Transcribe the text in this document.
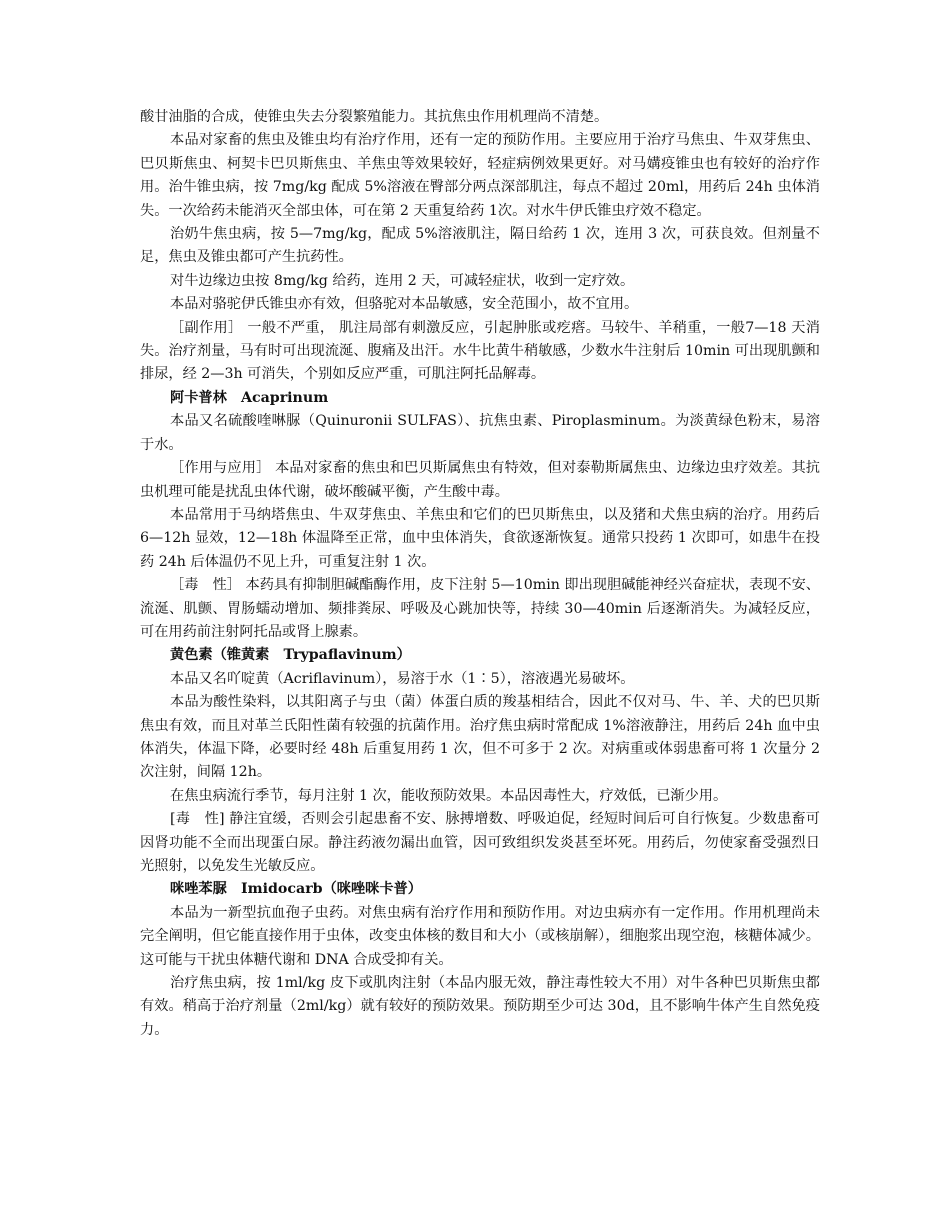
酸甘油脂的合成，使锥虫失去分裂繁殖能力。其抗焦虫作用机理尚不清楚。

本品对家畜的焦虫及锥虫均有治疗作用，还有一定的预防作用。主要应用于治疗马焦虫、牛双芽焦虫、巴贝斯焦虫、柯契卡巴贝斯焦虫、羊焦虫等效果较好，轻症病例效果更好。对马媾疫锥虫也有较好的治疗作用。治牛锥虫病，按 7mg/kg 配成 5%溶液在臀部分两点深部肌注，每点不超过 20ml，用药后 24h 虫体消失。一次给药未能消灭全部虫体，可在第 2 天重复给药 1次。对水牛伊氏锥虫疗效不稳定。

治奶牛焦虫病，按 5—7mg/kg，配成 5%溶液肌注，隔日给药 1 次，连用 3 次，可获良效。但剂量不足，焦虫及锥虫都可产生抗药性。

对牛边缘边虫按 8mg/kg 给药，连用 2 天，可减轻症状，收到一定疗效。

本品对骆驼伊氏锥虫亦有效，但骆驼对本品敏感，安全范围小，故不宜用。

［副作用］ 一般不严重， 肌注局部有刺激反应，引起肿胀或疙瘩。马较牛、羊稍重，一般7—18 天消失。治疗剂量，马有时可出现流涎、腹痛及出汗。水牛比黄牛稍敏感，少数水牛注射后 10min 可出现肌颤和排尿，经 2—3h 可消失，个别如反应严重，可肌注阿托品解毒。

阿卡普林　Acaprinum

本品又名硫酸喹啉脲（Quinuronii SULFAS）、抗焦虫素、Piroplasminum。为淡黄绿色粉末，易溶于水。

［作用与应用］ 本品对家畜的焦虫和巴贝斯属焦虫有特效，但对泰勒斯属焦虫、边缘边虫疗效差。其抗虫机理可能是扰乱虫体代谢，破坏酸碱平衡，产生酸中毒。

本品常用于马纳塔焦虫、牛双芽焦虫、羊焦虫和它们的巴贝斯焦虫，以及猪和犬焦虫病的治疗。用药后 6—12h 显效，12—18h 体温降至正常，血中虫体消失，食欲逐渐恢复。通常只投药 1 次即可，如患牛在投药 24h 后体温仍不见上升，可重复注射 1 次。

［毒　性］ 本药具有抑制胆碱酯酶作用，皮下注射 5—10min 即出现胆碱能神经兴奋症状，表现不安、流涎、肌颤、胃肠蠕动增加、频排粪尿、呼吸及心跳加快等，持续 30—40min 后逐渐消失。为减轻反应，可在用药前注射阿托品或肾上腺素。

黄色素（锥黄素　Trypaflavinum）

本品又名吖啶黄（Acriflavinum），易溶于水（1∶5），溶液遇光易破坏。

本品为酸性染料，以其阳离子与虫（菌）体蛋白质的羧基相结合，因此不仅对马、牛、羊、犬的巴贝斯焦虫有效，而且对革兰氏阳性菌有较强的抗菌作用。治疗焦虫病时常配成 1%溶液静注，用药后 24h 血中虫体消失，体温下降，必要时经 48h 后重复用药 1 次，但不可多于 2 次。对病重或体弱患畜可将 1 次量分 2 次注射，间隔 12h。

在焦虫病流行季节，每月注射 1 次，能收预防效果。本品因毒性大，疗效低，已渐少用。

[毒　性] 静注宜缓，否则会引起患畜不安、脉搏增数、呼吸迫促，经短时间后可自行恢复。少数患畜可因肾功能不全而出现蛋白尿。静注药液勿漏出血管，因可致组织发炎甚至坏死。用药后，勿使家畜受强烈日光照射，以免发生光敏反应。

咪唑苯脲　Imidocarb（咪唑咪卡普）

本品为一新型抗血孢子虫药。对焦虫病有治疗作用和预防作用。对边虫病亦有一定作用。作用机理尚未完全阐明，但它能直接作用于虫体，改变虫体核的数目和大小（或核崩解），细胞浆出现空泡，核糖体减少。这可能与干扰虫体糖代谢和 DNA 合成受抑有关。

治疗焦虫病，按 1ml/kg 皮下或肌肉注射（本品内服无效，静注毒性较大不用）对牛各种巴贝斯焦虫都有效。稍高于治疗剂量（2ml/kg）就有较好的预防效果。预防期至少可达 30d，且不影响牛体产生自然免疫力。
